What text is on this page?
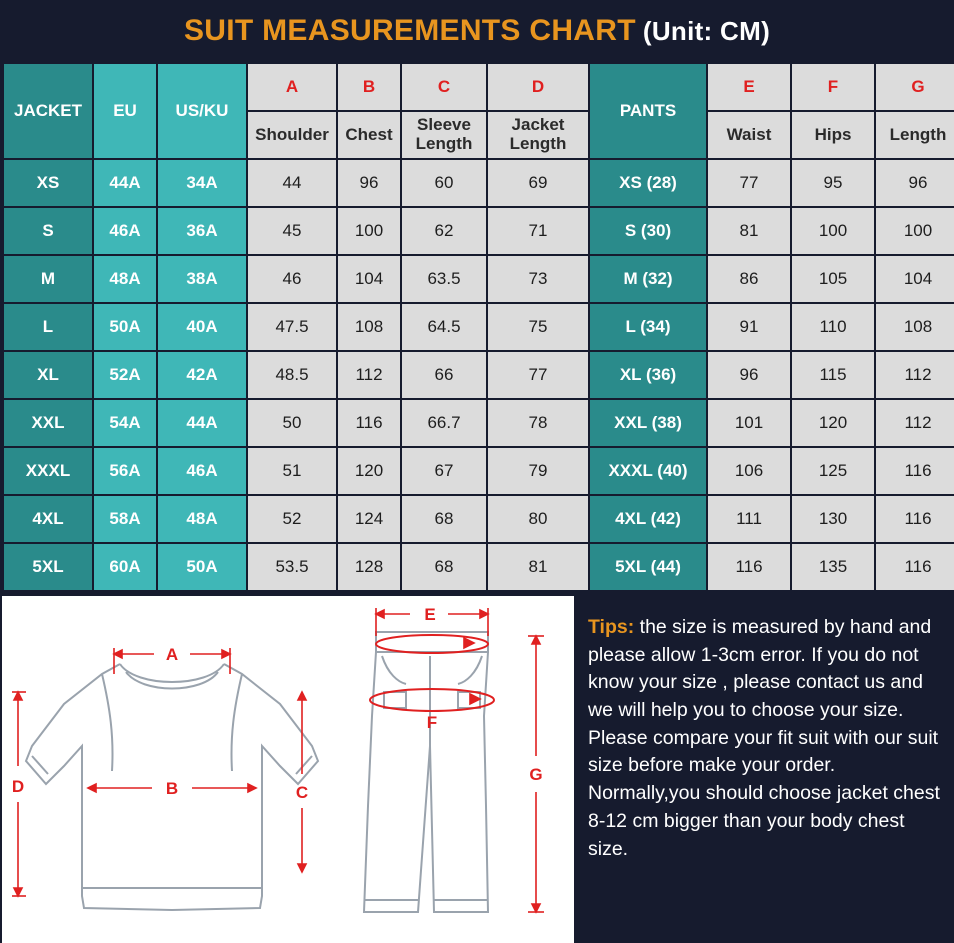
SUIT MEASUREMENTS CHART (Unit: CM)
JACKET	EU	US/KU	A	B	C	D	PANTS	E	F	G
			Shoulder	Chest	Sleeve Length	Jacket Length		Waist	Hips	Length
XS	44A	34A	44	96	60	69	XS (28)	77	95	96
S	46A	36A	45	100	62	71	S (30)	81	100	100
M	48A	38A	46	104	63.5	73	M (32)	86	105	104
L	50A	40A	47.5	108	64.5	75	L (34)	91	110	108
XL	52A	42A	48.5	112	66	77	XL (36)	96	115	112
XXL	54A	44A	50	116	66.7	78	XXL (38)	101	120	112
XXXL	56A	46A	51	120	67	79	XXXL (40)	106	125	116
4XL	58A	48A	52	124	68	80	4XL (42)	111	130	116
5XL	60A	50A	53.5	128	68	81	5XL (44)	116	135	116
A
B	C
D
E
F
G
Tips: the size is measured by hand and please allow 1-3cm error. If you do not know your size , please contact us and we will help you to choose your size. Please compare your fit suit with our suit size before make your order. Normally,you should choose jacket chest 8-12 cm bigger than your body chest size.
